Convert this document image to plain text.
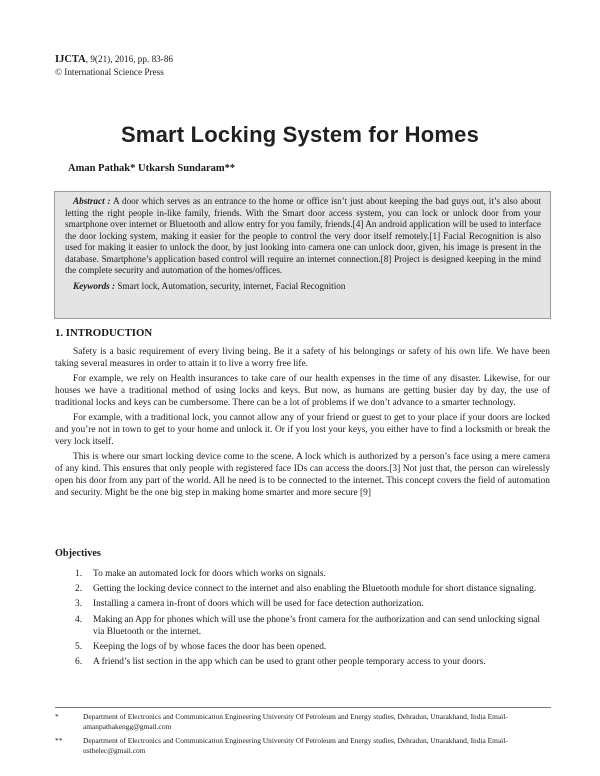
IJCTA, 9(21), 2016, pp. 83-86
© International Science Press
Smart Locking System for Homes
Aman Pathak* Utkarsh Sundaram**

Abstract : A door which serves as an entrance to the home or office isn’t just about keeping the bad guys out, it’s also about letting the right people in-like family, friends. With the Smart door access system, you can lock or unlock door from your smartphone over internet or Bluetooth and allow entry for you family, friends.[4] An android application will be used to interface the door locking system, making it easier for the people to control the very door itself remotely.[1] Facial Recognition is also used for making it easier to unlock the door, by just looking into camera one can unlock door, given, his image is present in the database. Smartphone’s application based control will require an internet connection.[8] Project is designed keeping in the mind the complete security and automation of the homes/offices.

Keywords : Smart lock, Automation, security, internet, Facial Recognition

1. INTRODUCTION

Safety is a basic requirement of every living being. Be it a safety of his belongings or safety of his own life. We have been taking several measures in order to attain it to live a worry free life.

For example, we rely on Health insurances to take care of our health expenses in the time of any disaster. Likewise, for our houses we have a traditional method of using locks and keys. But now, as humans are getting busier day by day, the use of traditional locks and keys can be cumbersome. There can be a lot of problems if we don’t advance to a smarter technology.

For example, with a traditional lock, you cannot allow any of your friend or guest to get to your place if your doors are locked and you’re not in town to get to your home and unlock it. Or if you lost your keys, you either have to find a locksmith or break the very lock itself.

This is where our smart locking device come to the scene. A lock which is authorized by a person’s face using a mere camera of any kind. This ensures that only people with registered face IDs can access the doors.[3] Not just that, the person can wirelessly open his door from any part of the world. All he need is to be connected to the internet. This concept covers the field of automation and security. Might be the one big step in making home smarter and more secure [9]

Objectives
1. To make an automated lock for doors which works on signals.
2. Getting the locking device connect to the internet and also enabling the Bluetooth module for short distance signaling.
3. Installing a camera in-front of doors which will be used for face detection authorization.
4. Making an App for phones which will use the phone’s front camera for the authorization and can send unlocking signal via Bluetooth or the internet.
5. Keeping the logs of by whose faces the door has been opened.
6. A friend’s list section in the app which can be used to grant other people temporary access to your doors.
*	Department of Electronics and Communication Engineering University Of Petroleum and Energy studies, Dehradun, Uttarakhand, India Email-amanpathakengg@gmail.com
**	Department of Electronics and Communication Engineering University Of Petroleum and Energy studies, Dehradun, Uttarakhand, India Email- usthelec@gmail.com
